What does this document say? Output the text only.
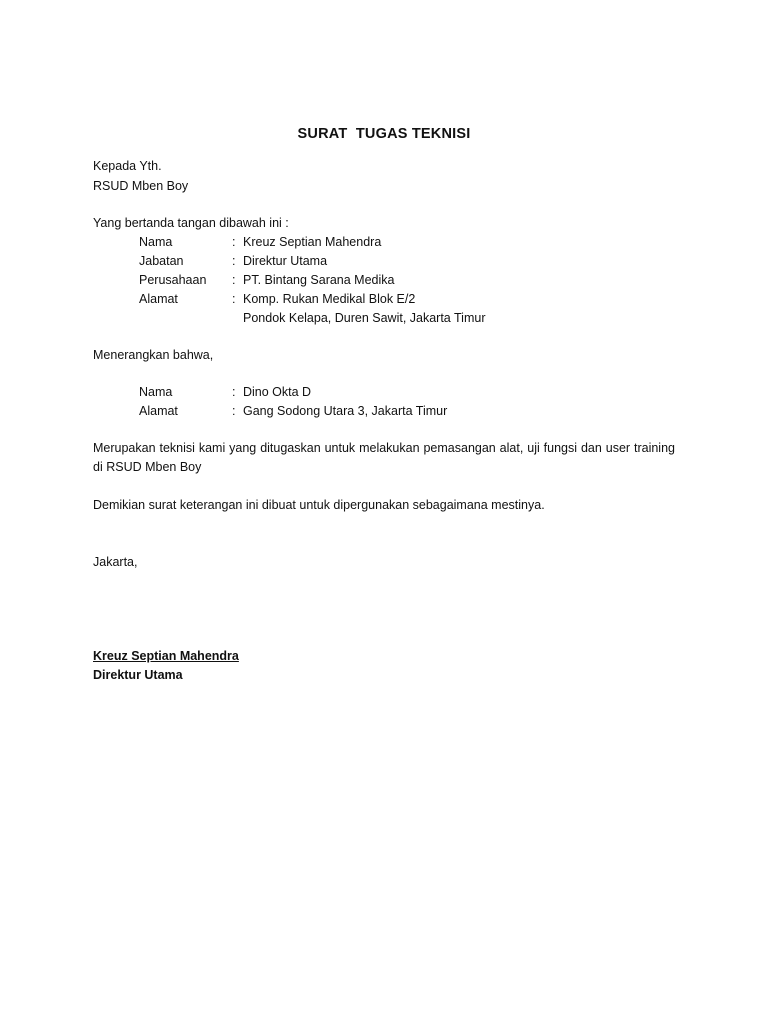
SURAT  TUGAS TEKNISI
Kepada Yth.
RSUD Mben Boy
Yang bertanda tangan dibawah ini :
Nama	: Kreuz Septian Mahendra
Jabatan	: Direktur Utama
Perusahaan : PT. Bintang Sarana Medika
Alamat	: Komp. Rukan Medikal Blok E/2
Pondok Kelapa, Duren Sawit, Jakarta Timur
Menerangkan bahwa,
Nama	: Dino Okta D
Alamat	: Gang Sodong Utara 3, Jakarta Timur
Merupakan teknisi kami yang ditugaskan untuk melakukan pemasangan alat, uji fungsi dan user training di RSUD Mben Boy
Demikian surat keterangan ini dibuat untuk dipergunakan sebagaimana mestinya.
Jakarta,
Kreuz Septian Mahendra
Direktur Utama
